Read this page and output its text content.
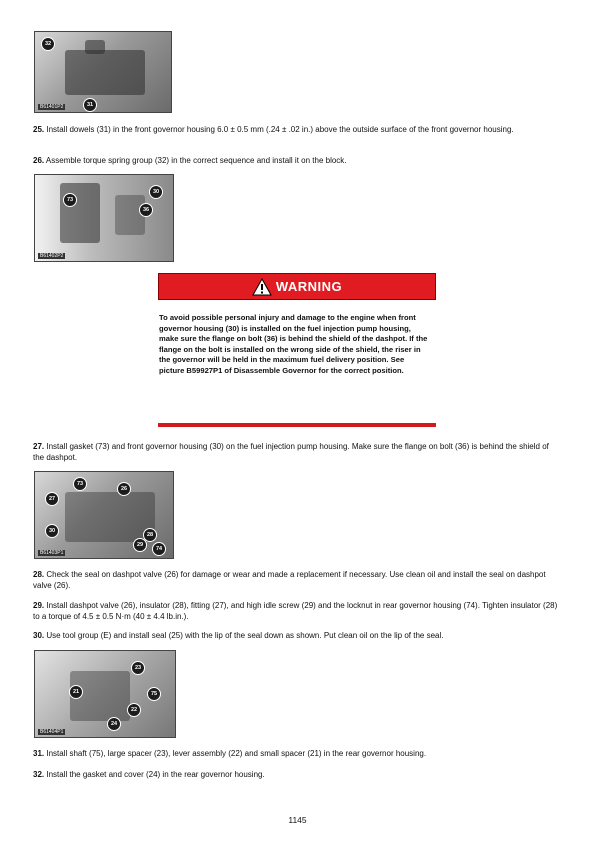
32
31
B61401P2

25. Install dowels (31) in the front governor housing 6.0 ± 0.5 mm (.24 ± .02 in.) above the outside surface of the front governor housing.

26. Assemble torque spring group (32) in the correct sequence and install it on the block.

73
30
36
B61402P2
WARNING

To avoid possible personal injury and damage to the engine when front governor housing (30) is installed on the fuel injection pump housing, make sure the flange on bolt (36) is behind the shield of the dashpot. If the flange on the bolt is installed on the wrong side of the shield, the riser in the governor will be held in the maximum fuel delivery position. See picture B59927P1 of Disassemble Governor for the correct position.

27. Install gasket (73) and front governor housing (30) on the fuel injection pump housing. Make sure the flange on bolt (36) is behind the shield of the dashpot.

27
73
26
30
28
29
74
B61403P1

28. Check the seal on dashpot valve (26) for damage or wear and made a replacement if necessary. Use clean oil and install the seal on dashpot valve (26).

29. Install dashpot valve (26), insulator (28), fitting (27), and high idle screw (29) and the locknut in rear governor housing (74). Tighten insulator (28) to a torque of 4.5 ± 0.5 N·m (40 ± 4.4 lb.in.).

30. Use tool group (E) and install seal (25) with the lip of the seal down as shown. Put clean oil on the lip of the seal.

23
75
21
22
24
B61404P1

31. Install shaft (75), large spacer (23), lever assembly (22) and small spacer (21) in the rear governor housing.

32. Install the gasket and cover (24) in the rear governor housing.

1145
